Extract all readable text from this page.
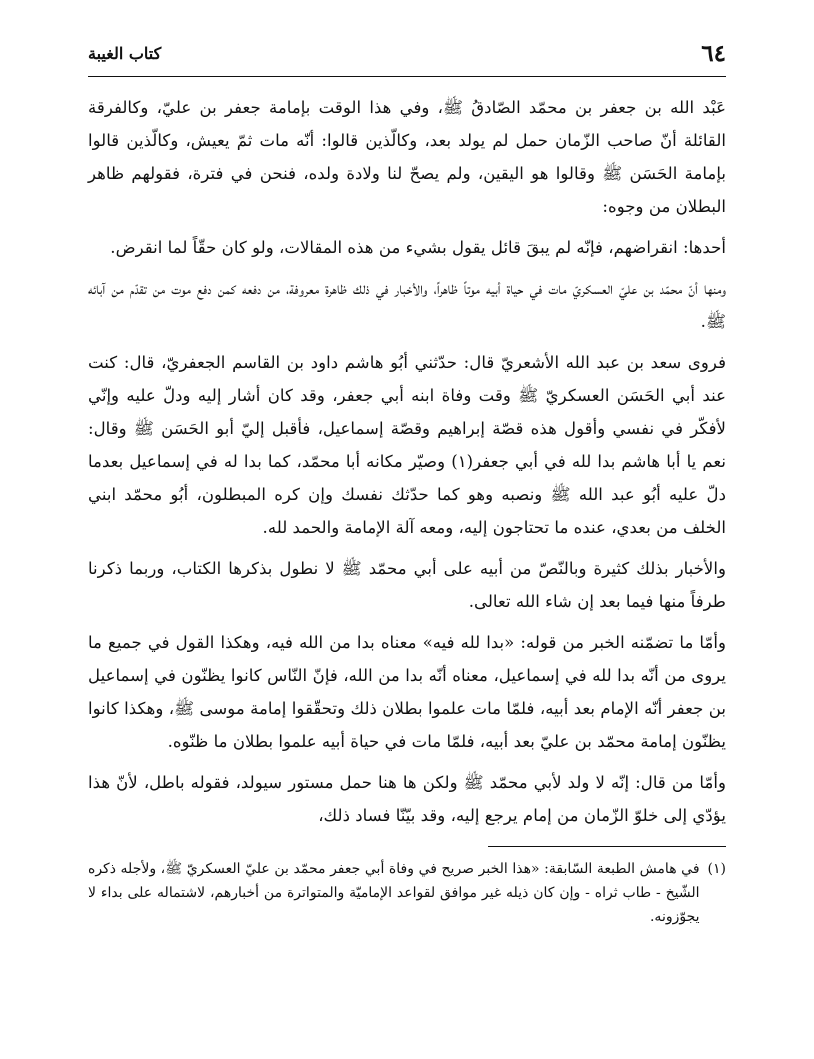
٦٤
كتاب الغيبة

عَبْد الله بن جعفر بن محمّد الصّادقُ ﷺ، وفي هذا الوقت بإمامة جعفر بن عليّ، وكالفرقة القائلة أنّ صاحب الزّمان حمل لم يولد بعد، وكالّذين قالوا: أنّه مات ثمّ يعيش، وكالّذين قالوا بإمامة الحَسَن ﷺ وقالوا هو اليقين، ولم يصحّ لنا ولادة ولده، فنحن في فترة، فقولهم ظاهر البطلان من وجوه:

أحدها: انقراضهم، فإنّه لم يبقَ قائل يقول بشيء من هذه المقالات، ولو كان حقّاً لما انقرض.

ومنها أنّ محمّد بن عليّ العسكريّ مات في حياة أبيه موتاً ظاهراً، والأخبار في ذلك ظاهرة معروفة، من دفعه كمن دفع موت من تقدّم من آبائه ﷺ.

فروى سعد بن عبد الله الأشعريّ قال: حدّثني أبُو هاشم داود بن القاسم الجعفريّ، قال: كنت عند أبي الحَسَن العسكريّ ﷺ وقت وفاة ابنه أبي جعفر، وقد كان أشار إليه ودلّ عليه وإنّي لأفكّر في نفسي وأقول هذه قصّة إبراهيم وقصّة إسماعيل، فأقبل إليّ أبو الحَسَن ﷺ وقال: نعم يا أبا هاشم بدا لله في أبي جعفر(١) وصيّر مكانه أبا محمّد، كما بدا له في إسماعيل بعدما دلّ عليه أبُو عبد الله ﷺ ونصبه وهو كما حدّثك نفسك وإن كره المبطلون، أبُو محمّد ابني الخلف من بعدي، عنده ما تحتاجون إليه، ومعه آلة الإمامة والحمد لله.

والأخبار بذلك كثيرة وبالنّصّ من أبيه على أبي محمّد ﷺ لا نطول بذكرها الكتاب، وربما ذكرنا طرفاً منها فيما بعد إن شاء الله تعالى.

وأمّا ما تضمّنه الخبر من قوله: «بدا لله فيه» معناه بدا من الله فيه، وهكذا القول في جميع ما يروى من أنّه بدا لله في إسماعيل، معناه أنّه بدا من الله، فإنّ النّاس كانوا يظنّون في إسماعيل بن جعفر أنّه الإمام بعد أبيه، فلمّا مات علموا بطلان ذلك وتحقّقوا إمامة موسى ﷺ، وهكذا كانوا يظنّون إمامة محمّد بن عليّ بعد أبيه، فلمّا مات في حياة أبيه علموا بطلان ما ظنّوه.

وأمّا من قال: إنّه لا ولد لأبي محمّد ﷺ ولكن ها هنا حمل مستور سيولد، فقوله باطل، لأنّ هذا يؤدّي إلى خلوّ الزّمان من إمام يرجع إليه، وقد بيّنّا فساد ذلك،

(١)
في هامش الطبعة السّابقة: «هذا الخبر صريح في وفاة أبي جعفر محمّد بن عليّ العسكريّ ﷺ، ولأجله ذكره الشّيخ - طاب ثراه - وإن كان ذيله غير موافق لقواعد الإماميّة والمتواترة من أخبارهم، لاشتماله على بداء لا يجوّزونه.
